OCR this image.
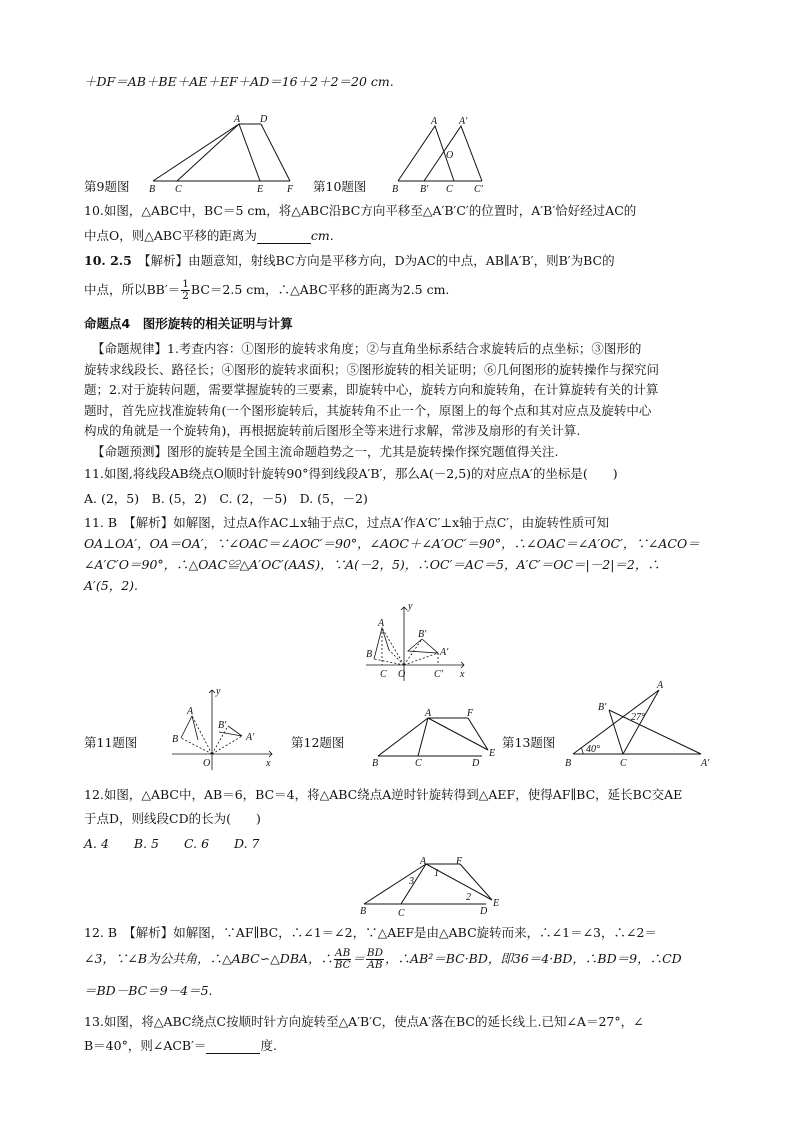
＋DF＝AB＋BE＋AE＋EF＋AD＝16＋2＋2＝20 cm.
A D
B C	E F
第9题图	第10题图
A A′
O
B B′ C C′
10.如图，△ABC中，BC＝5 cm，将△ABC沿BC方向平移至△A′B′C′的位置时，A′B′恰好经过AC的
中点O，则△ABC平移的距离为	cm.
10. 2.5　 【解析】由题意知，射线BC方向是平移方向，D为AC的中点，AB∥A′B′，则B′为BC的
中点，所以$BB'= \frac{1}{2} BC=2.5$ cm，∴△ABC平移的距离为2.5 cm.
命题点4　图形旋转的相关证明与计算
【命题规律】1.考查内容：①图形的旋转求角度；②与直角坐标系结合求旋转后的点坐标；③图形的
旋转求线段长、路径长；④图形的旋转求面积；⑤图形旋转的相关证明；⑥几何图形的旋转操作与探究问
题；2.对于旋转问题，需要掌握旋转的三要素，即旋转中心，旋转方向和旋转角，在计算旋转有关的计算
题时，首先应找准旋转角(一个图形旋转后，其旋转角不止一个，原图上的每个点和其对应点及旋转中心
构成的角就是一个旋转角)，再根据旋转前后图形全等来进行求解，常涉及扇形的有关计算.
【命题预测】图形的旋转是全国主流命题趋势之一，尤其是旋转操作探究题值得关注.
11.如图,将线段AB绕点O顺时针旋转90°得到线段A′B′，那么A(－2,5)的对应点A′的坐标是(　　)
A. (2，5)　B. (5，2)　C. (2，－5)　D. (5，－2)
11. B　【解析】如解图，过点A作AC⊥x轴于点C，过点A′作A′C′⊥x轴于点C′，由旋转性质可知
OA⊥OA′，OA＝OA′，∵∠OAC＝∠AOC′＝90°，∠AOC＋∠A′OC′＝90°，∴∠OAC＝∠A′OC′，∵∠ACO＝
∠A′C′O＝90°，∴△OAC≌△A′OC′(AAS)，∵A(－2，5)，∴OC′＝AC＝5，A′C′＝OC＝|－2|＝2，∴
A′(5，2).
y
A
B
B′
A′
C O	C′ x
y
A
B
B′
A′
O	x
第11题图	第12题图
A	F
B	C	D
E
第13题图
A
B′
27°
40°
B	C	A′
12.如图，△ABC中，AB＝6，BC＝4，将△ABC绕点A逆时针旋转得到△AEF，使得AF∥BC，延长BC交AE
于点D，则线段CD的长为(　　)
A. 4　　B. 5　　C. 6　　D. 7
A	F
3
1
2
B	C	D
E
12. B　【解析】如解图，∵AF∥BC，∴∠1＝∠2，∵△AEF是由△ABC旋转而来，∴∠1＝∠3，∴∠2＝
∠3，∵∠B为公共角，∴△ABC∽△DBA，∴ $\frac{AB}{BC} = \frac{BD}{AB}$ ，∴AB²＝BC·BD，即36＝4·BD，∴BD＝9，∴CD
＝BD－BC＝9－4＝5.
13.如图，将△ABC绕点C按顺时针方向旋转至△A′B′C，使点A′落在BC的延长线上.已知∠A＝27°，∠
B＝40°，则∠ACB′＝	度.
